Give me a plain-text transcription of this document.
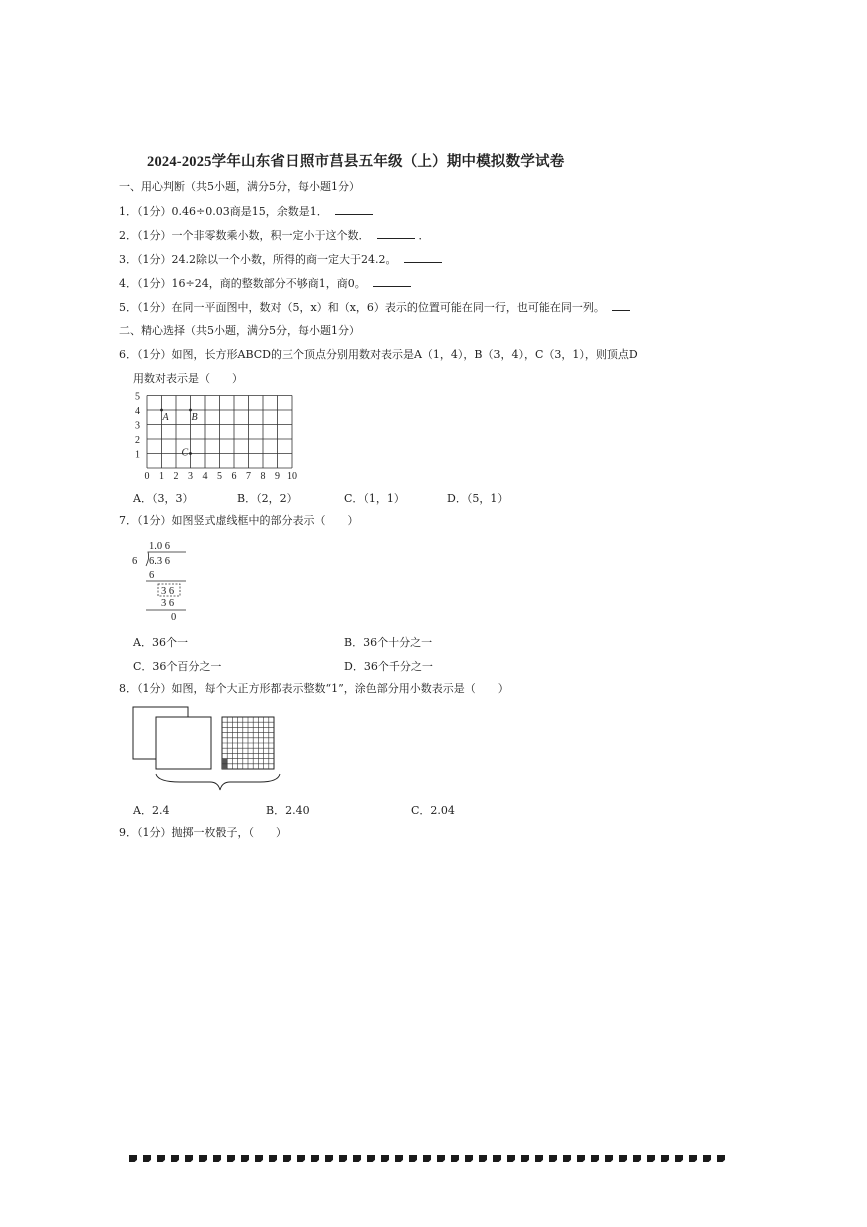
2024-2025学年山东省日照市莒县五年级（上）期中模拟数学试卷
一、用心判断（共5小题，满分5分，每小题1分）
1．（1分）0.46÷0.03商是15，余数是1．
2．（1分）一个非零数乘小数，积一定小于这个数．	．
3．（1分）24.2除以一个小数，所得的商一定大于24.2。
4．（1分）16÷24，商的整数部分不够商1，商0。
5．（1分）在同一平面图中，数对（5，x）和（x，6）表示的位置可能在同一行，也可能在同一列。
二、精心选择（共5小题，满分5分，每小题1分）
6．（1分）如图，长方形ABCD的三个顶点分别用数对表示是A（1，4），B（3，4），C（3，1），则顶点D
用数对表示是（　　）
0 1 2 3 4 5 6 7 8 9 10
1
2
3
4
5
A B
C
A．（3，3）	B．（2，2）	C．（1，1）	D．（5，1）
7．（1分）如图竖式虚线框中的部分表示（　　）
1.0 6
6 6.3 6
6
3 6
3 6
0
A．36个一	B．36个十分之一
C．36个百分之一	D．36个千分之一
8．（1分）如图，每个大正方形都表示整数“1”，涂色部分用小数表示是（　　）
A．2.4	B．2.40	C．2.04
9．（1分）抛掷一枚骰子，（　　）
